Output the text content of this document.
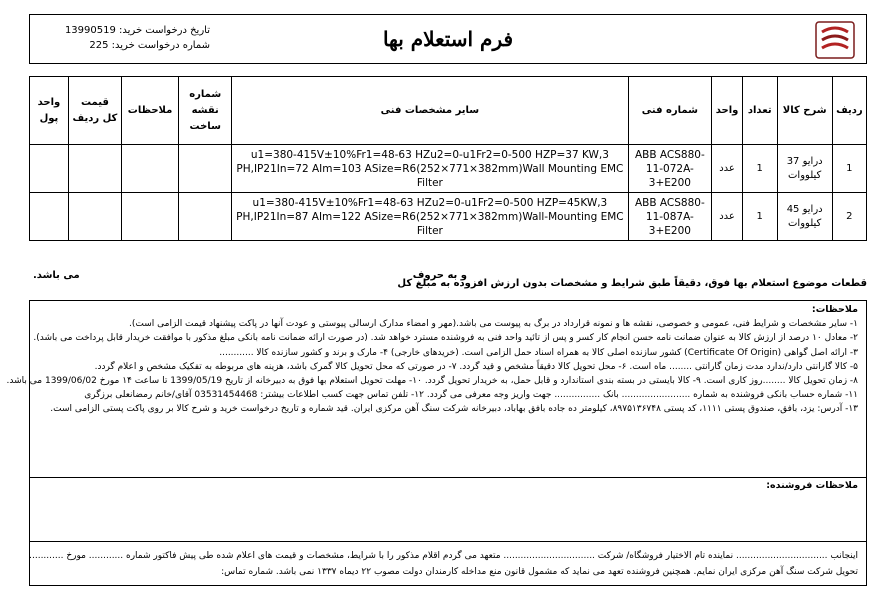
تاریخ درخواست خرید: 13990519
شماره درخواست خرید: 225	فرم استعلام بها
ردیف	شرح کالا	تعداد	واحد	شماره فنی	سایر مشخصات فنی	شماره نقشه ساخت	ملاحظات	قیمت کل ردیف	واحد پول
1	درایو 37 کیلووات	1	عدد	ABB ACS880-11-072A-3+E200	u1=380-415V±10%Fr1=48-63 HZu2=0-u1Fr2=0-500 HZP=37 KW,3 PH,IP21In=72 AIm=103 ASize=R6(252×771×382mm)Wall Mounting EMC Filter				
2	درایو 45 کیلووات	1	عدد	ABB ACS880-11-087A-3+E200	u1=380-415V±10%Fr1=48-63 HZu2=0-u1Fr2=0-500 HZP=45KW,3 PH,IP21In=87 AIm=122 ASize=R6(252×771×382mm)Wall-Mounting EMC Filter				
قطعات موضوع استعلام بها فوق، دقیقاً طبق شرایط و مشخصات بدون ارزش افزوده به مبلغ کل
و به حروف
می باشد.
ملاحظات:

۱- سایر مشخصات و شرایط فنی، عمومی و خصوصی، نقشه ها و نمونه قرارداد در برگ به پیوست می باشد.(مهر و امضاء مدارک ارسالی پیوستی و عودت آنها در پاکت پیشنهاد قیمت الزامی است).

۲- معادل ۱۰ درصد از ارزش کالا به عنوان ضمانت نامه حسن انجام کار کسر و پس از تائید واحد فنی به فروشنده مسترد خواهد شد. (در صورت ارائه ضمانت نامه بانکی مبلغ مذکور با موافقت خریدار قابل پرداخت می باشد).

۳- ارائه اصل گواهی (Certificate Of Origin) کشور سازنده اصلی کالا به همراه اسناد حمل الزامی است. (خریدهای خارجی) ۴- مارک و برند و کشور سازنده کالا ............

۵- کالا گارانتی دارد/ندارد مدت زمان گارانتی ........ ماه است. ۶- محل تحویل کالا دقیقاً مشخص و قید گردد. ۷- در صورتی که محل تحویل کالا گمرک باشد، هزینه های مربوطه به تفکیک مشخص و اعلام گردد.

۸- زمان تحویل کالا ........روز کاری است. ۹- کالا بایستی در بسته بندی استاندارد و قابل حمل، به خریدار تحویل گردد. ۱۰- مهلت تحویل استعلام بها فوق به دبیرخانه از تاریخ 1399/05/19 تا ساعت ۱۴ مورخ 1399/06/02 می باشد.

۱۱- شماره حساب بانکی فروشنده به شماره ........................ بانک ................ جهت واریز وجه معرفی می گردد. ۱۲- تلفن تماس جهت کسب اطلاعات بیشتر: 03531454468 آقای/خانم رمضانعلی برزگری

۱۳- آدرس: یزد، بافق، صندوق پستی ۱۱۱۱، کد پستی ۸۹۷۵۱۳۶۷۴۸، کیلومتر ده جاده بافق بهاباد، دبیرخانه شرکت سنگ آهن مرکزی ایران. قید شماره و تاریخ درخواست خرید و شرح کالا بر روی پاکت پستی الزامی است.

ملاحظات فروشنده:

اینجانب ................................ نماینده تام الاختیار فروشگاه/ شرکت ................................ متعهد می گردم اقلام مذکور را با شرایط، مشخصات و قیمت های اعلام شده طی پیش فاکتور شماره ............ مورخ ............

تحویل شرکت سنگ آهن مرکزی ایران نمایم. همچنین فروشنده تعهد می نماید که مشمول قانون منع مداخله کارمندان دولت مصوب ۲۲ دیماه ۱۳۳۷ نمی باشد. شماره تماس:
